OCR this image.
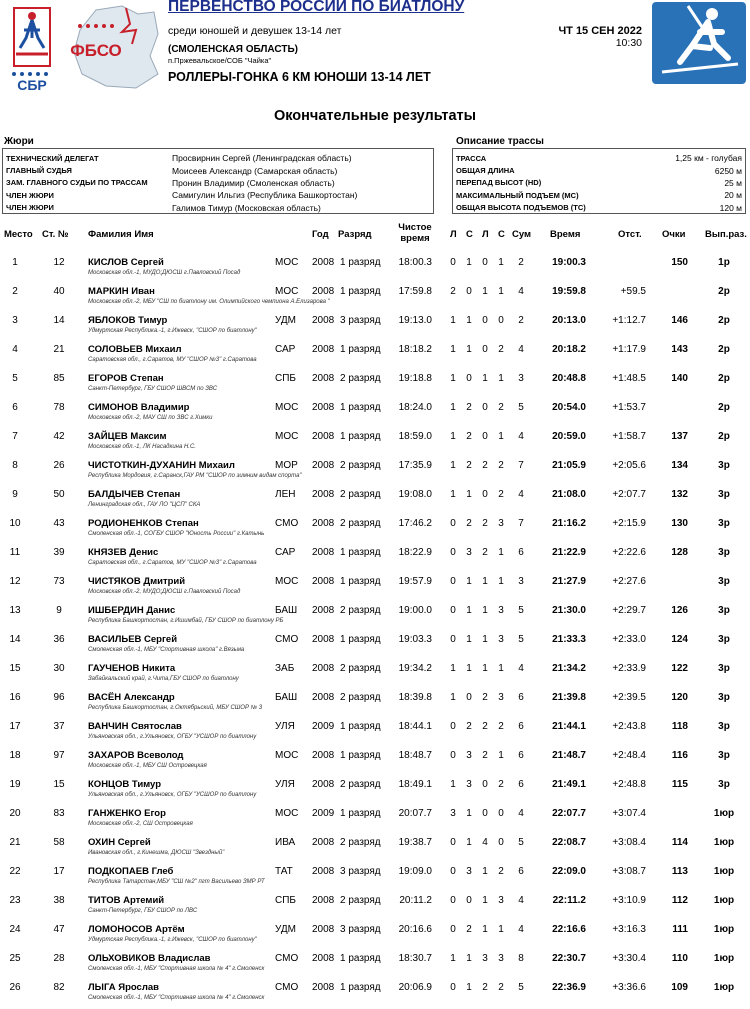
СБР
ФБСО
ПЕРВЕНСТВО РОССИИ ПО БИАТЛОНУ
среди юношей и девушек 13-14 лет
(СМОЛЕНСКАЯ ОБЛАСТЬ)
п.Пржевальское/СОБ "Чайка"
РОЛЛЕРЫ-ГОНКА 6 КМ ЮНОШИ 13-14 ЛЕТ
ЧТ 15 СЕН 2022
10:30
Окончательные результаты
Жюри
ТЕХНИЧЕСКИЙ ДЕЛЕГАТ	Просвирнин Сергей (Ленинградская область)
ГЛАВНЫЙ СУДЬЯ	Моисеев Александр (Самарская область)
ЗАМ. ГЛАВНОГО СУДЬИ ПО ТРАССАМ	Пронин Владимир (Смоленская область)
ЧЛЕН ЖЮРИ	Самигулин Ильгиз (Республика Башкортостан)
ЧЛЕН ЖЮРИ	Галимов Тимур (Московская область)
Описание трассы
ТРАССА	1,25 км - голубая
ОБЩАЯ ДЛИНА	6250 м
ПЕРЕПАД ВЫСОТ (HD)	25 м
МАКСИМАЛЬНЫЙ ПОДЪЕМ (MC)	20 м
ОБЩАЯ ВЫСОТА ПОДЪЕМОВ (TC)	120 м
Место Ст. № Фамилия Имя	Год Разряд
Чистое
время	Л С Л С Сум Время	Отст. Очки Вып.раз.
1	12	КИСЛОВ Сергей
Московская обл.-1, МУДО;ДЮСШ г.Павловский Посад
МОС 2008 1 разряд	18:00.3 0 1 0 1 2	19:00.3	150	1р
2	40	МАРКИН Иван
Московская обл.-2, МБУ "СШ по биатлону им. Олимпийского чемпиона А.Елизарова "
МОС 2008 1 разряд	17:59.8 2 0 1 1 4	19:59.8	+59.5	2р
3	14	ЯБЛОКОВ Тимур
Удмуртская Республика.-1, г.Ижевск, "СШОР по биатлону"
УДМ 2008 3 разряд	19:13.0 1 1 0 0 2	20:13.0	+1:12.7	146	2р
4	21	СОЛОВЬЕВ Михаил
Саратовская обл., г.Саратов, МУ "СШОР №3" г.Саратова
САР 2008 1 разряд	18:18.2 1 1 0 2 4	20:18.2	+1:17.9	143	2р
5	85	ЕГОРОВ Степан
Санкт-Петербург, ГБУ СШОР ШВСМ по ЗВС
СПБ 2008 2 разряд	19:18.8 1 0 1 1 3	20:48.8	+1:48.5	140	2р
6	78	СИМОНОВ Владимир
Московская обл.-2, МАУ СШ по ЗВС г.Химки
МОС 2008 1 разряд	18:24.0 1 2 0 2 5	20:54.0	+1:53.7	2р
7	42	ЗАЙЦЕВ Максим
Московская обл.-1, ЛК Насадкина Н.С.
МОС 2008 1 разряд	18:59.0 1 2 0 1 4	20:59.0	+1:58.7	137	2р
8	26	ЧИСТОТКИН-ДУХАНИН Михаил
Республика Мордовия, г.Саранск,ГАУ РМ "СШОР по зимним видам спорта"
МОР 2008 2 разряд	17:35.9 1 2 2 2 7	21:05.9	+2:05.6	134	3р
9	50	БАЛДЫЧЕВ Степан
Ленинградская обл., ГАУ ЛО "ЦСП" СКА
ЛЕН 2008 2 разряд	19:08.0 1 1 0 2 4	21:08.0	+2:07.7	132	3р
10	43	РОДИОНЕНКОВ Степан
Смоленская обл.-1, СОГБУ СШОР "Юность России" г.Катынь
СМО 2008 2 разряд	17:46.2 0 2 2 3 7	21:16.2	+2:15.9	130	3р
11	39	КНЯЗЕВ Денис
Саратовская обл., г.Саратов, МУ "СШОР №3" г.Саратова
САР 2008 1 разряд	18:22.9 0 3 2 1 6	21:22.9	+2:22.6	128	3р
12	73	ЧИСТЯКОВ Дмитрий
Московская обл.-2, МУДО;ДЮСШ г.Павловский Посад
МОС 2008 1 разряд	19:57.9 0 1 1 1 3	21:27.9	+2:27.6	3р
13	9	ИШБЕРДИН Данис
Республика Башкортостан, г.Ишимбай, ГБУ СШОР по биатлону РБ
БАШ 2008 2 разряд	19:00.0 0 1 1 3 5	21:30.0	+2:29.7	126	3р
14	36	ВАСИЛЬЕВ Сергей
Смоленская обл.-1, МБУ "Спортивная школа" г.Вязьма
СМО 2008 1 разряд	19:03.3 0 1 1 3 5	21:33.3	+2:33.0	124	3р
15	30	ГАУЧЕНОВ Никита
Забайкальский край, г.Чита,ГБУ СШОР по биатлону
ЗАБ 2008 2 разряд	19:34.2 1 1 1 1 4	21:34.2	+2:33.9	122	3р
16	96	ВАСЁН Александр
Республика Башкортостан, г.Октябрьский, МБУ СШОР № 3
БАШ 2008 2 разряд	18:39.8 1 0 2 3 6	21:39.8	+2:39.5	120	3р
17	37	ВАНЧИН Святослав
Ульяновская обл., г.Ульяновск, ОГБУ "УСШОР по биатлону
УЛЯ 2009 1 разряд	18:44.1 0 2 2 2 6	21:44.1	+2:43.8	118	3р
18	97	ЗАХАРОВ Всеволод
Московская обл.-1, МБУ СШ Островецкая
МОС 2008 1 разряд	18:48.7 0 3 2 1 6	21:48.7	+2:48.4	116	3р
19	15	КОНЦОВ Тимур
Ульяновская обл., г.Ульяновск, ОГБУ "УСШОР по биатлону
УЛЯ 2008 2 разряд	18:49.1 1 3 0 2 6	21:49.1	+2:48.8	115	3р
20	83	ГАНЖЕНКО Егор
Московская обл.-2, СШ Островецкая
МОС 2009 1 разряд	20:07.7 3 1 0 0 4	22:07.7	+3:07.4	1юр
21	58	ОХИН Сергей
Ивановская обл., г.Кинешма, ДЮСШ "Звездный"
ИВА 2008 2 разряд	19:38.7 0 1 4 0 5	22:08.7	+3:08.4	114	1юр
22	17	ПОДКОПАЕВ Глеб
Республика Татарстан,МБУ "СШ №2" пгт Васильево ЗМР РТ
ТАТ 2008 3 разряд	19:09.0 0 3 1 2 6	22:09.0	+3:08.7	113	1юр
23	38	ТИТОВ Артемий
Санкт-Петербург, ГБУ СШОР по ЛВС
СПБ 2008 2 разряд	20:11.2 0 0 1 3 4	22:11.2	+3:10.9	112	1юр
24	47	ЛОМОНОСОВ Артём
Удмуртская Республика.-1, г.Ижевск, "СШОР по биатлону"
УДМ 2008 3 разряд	20:16.6 0 2 1 1 4	22:16.6	+3:16.3	111	1юр
25	28	ОЛЬХОВИКОВ Владислав
Смоленская обл.-1, МБУ "Спортивная школа № 4" г.Смоленск
СМО 2008 1 разряд	18:30.7 1 1 3 3 8	22:30.7	+3:30.4	110	1юр
26	82	ЛЫГА Ярослав
Смоленская обл.-1, МБУ "Спортивная школа № 4" г.Смоленск
СМО 2008 1 разряд	20:06.9 0 1 2 2 5	22:36.9	+3:36.6	109	1юр
